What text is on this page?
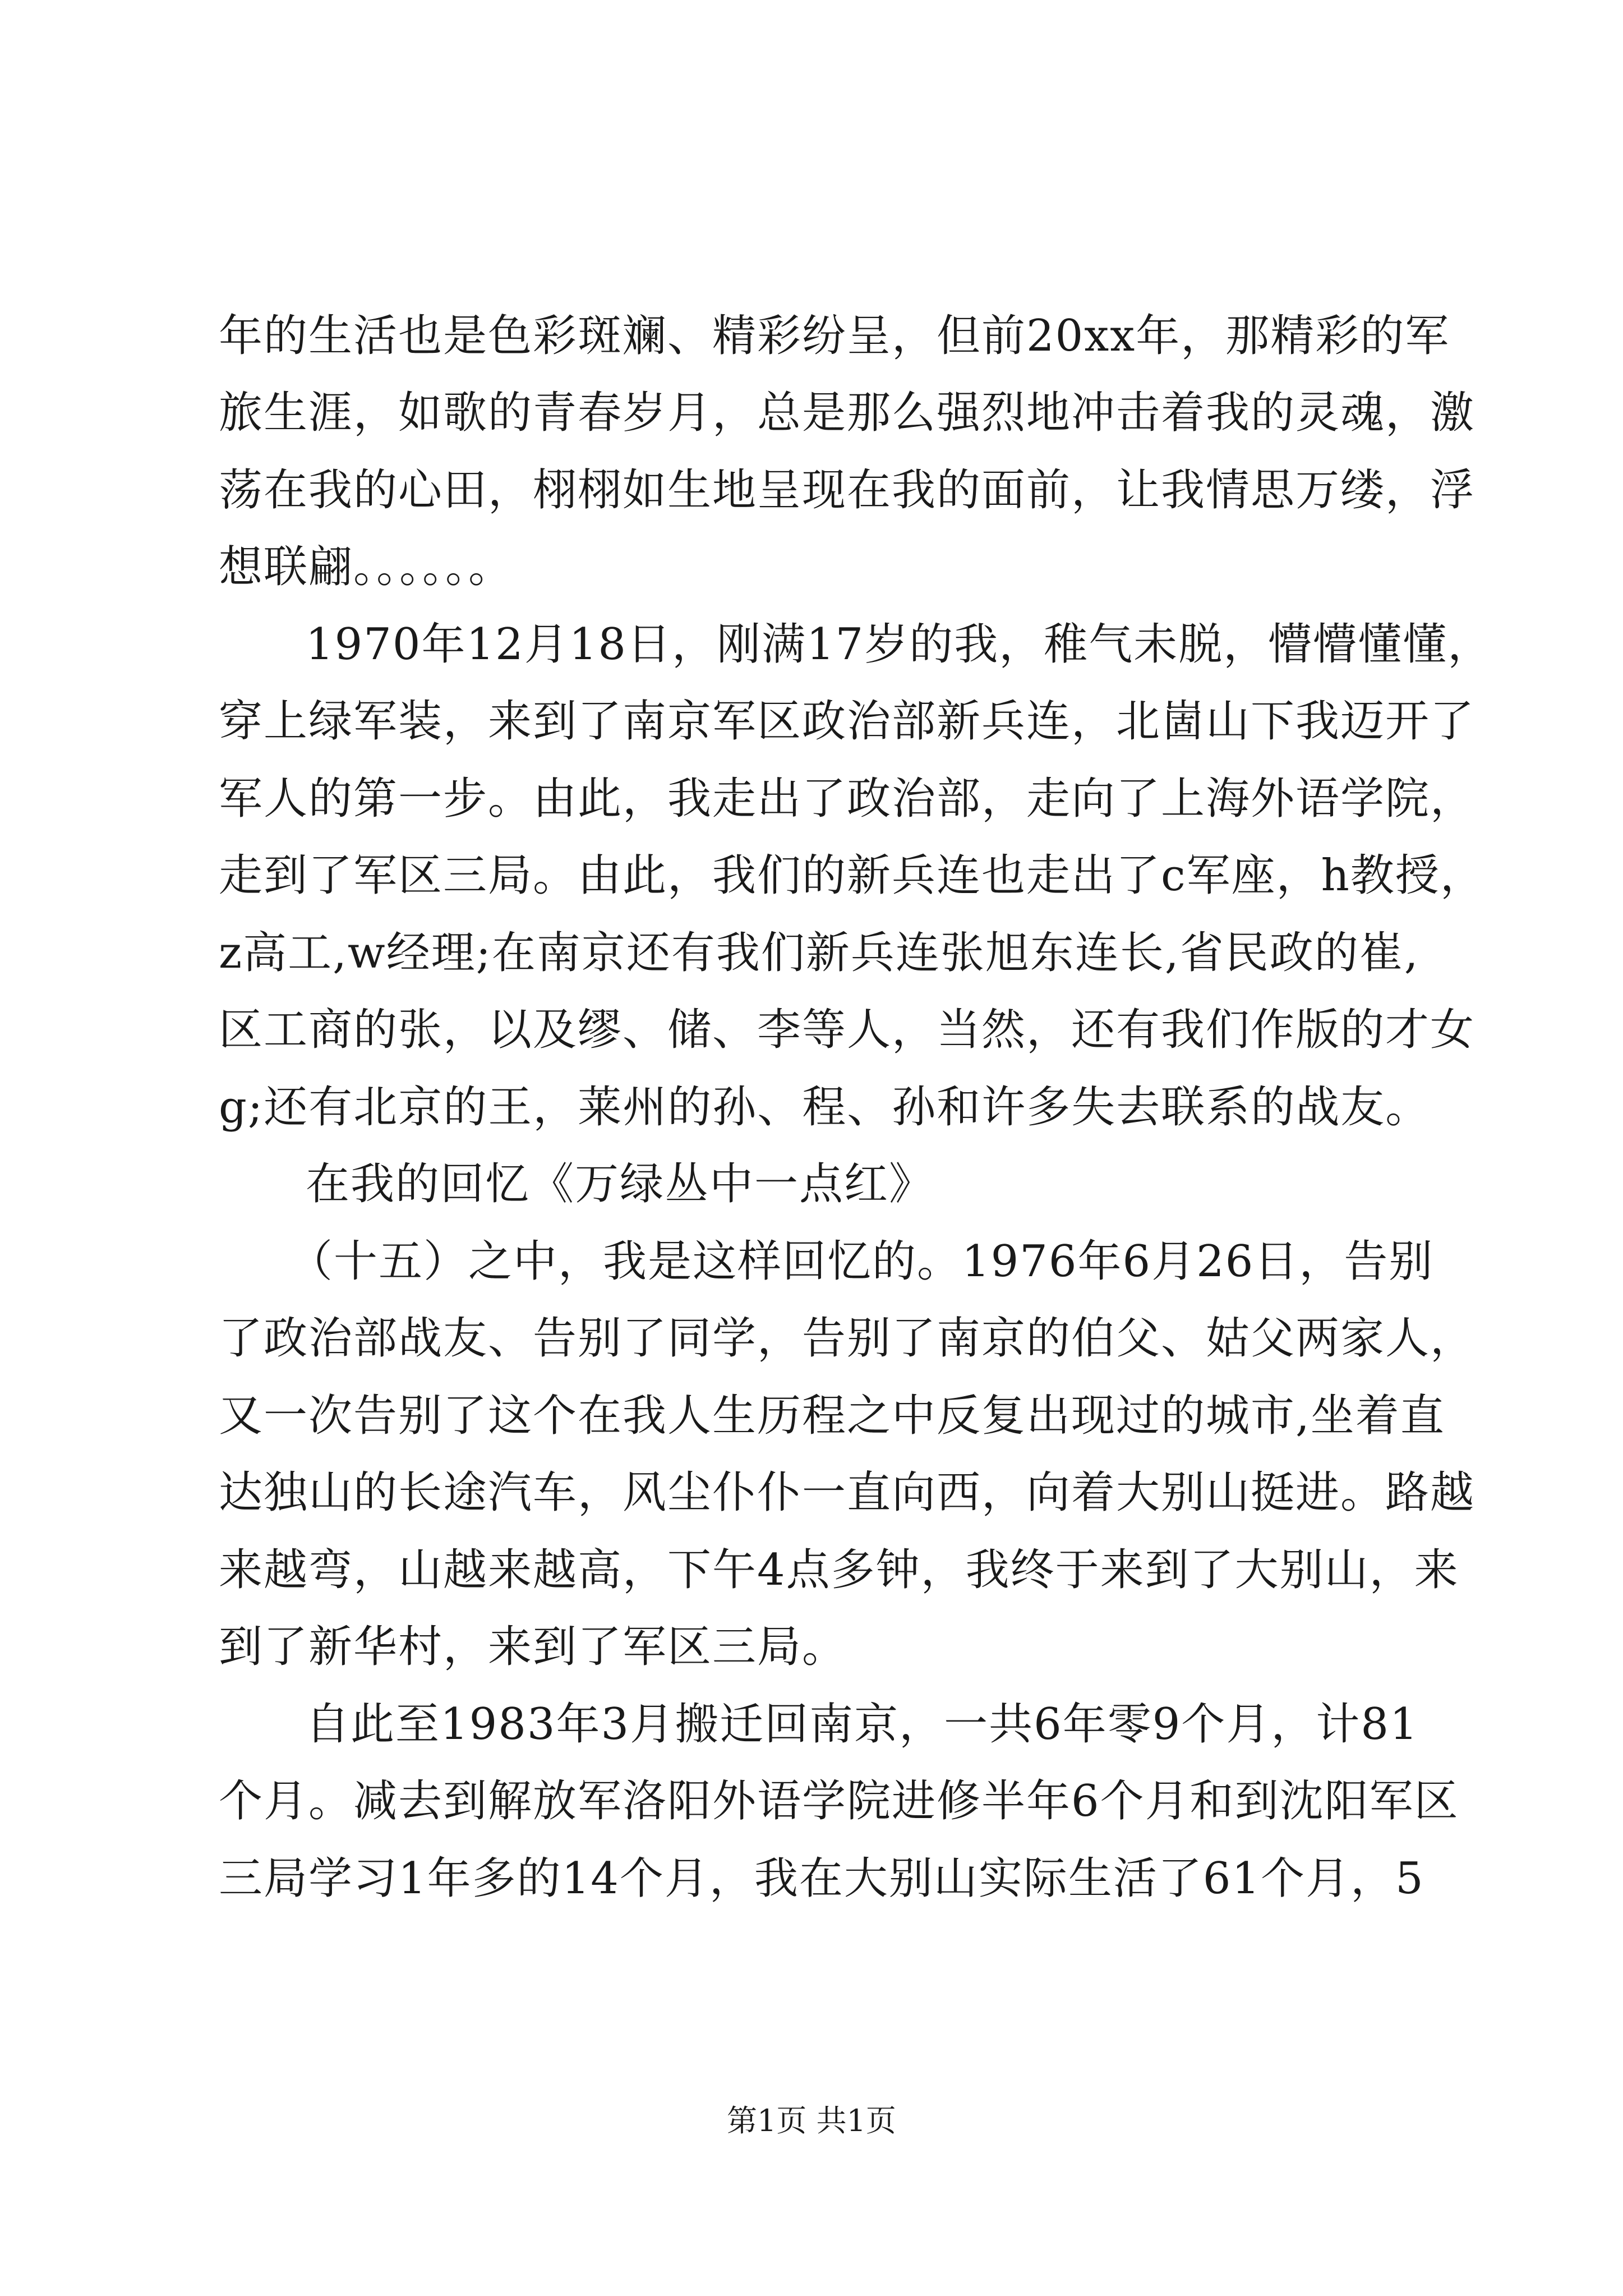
年的生活也是色彩斑斓、精彩纷呈，但前20xx年，那精彩的军
旅生涯，如歌的青春岁月，总是那么强烈地冲击着我的灵魂，激
荡在我的心田，栩栩如生地呈现在我的面前，让我情思万缕，浮
想联翩。。。。。。
1970年12月18日，刚满17岁的我，稚气未脱，懵懵懂懂，
穿上绿军装，来到了南京军区政治部新兵连，北崮山下我迈开了
军人的第一步。由此，我走出了政治部，走向了上海外语学院，
走到了军区三局。由此，我们的新兵连也走出了c军座，h教授，
z高工,w经理;在南京还有我们新兵连张旭东连长,省民政的崔,
区工商的张，以及缪、储、李等人，当然，还有我们作版的才女
g;还有北京的王，莱州的孙、程、孙和许多失去联系的战友。
在我的回忆《万绿丛中一点红》
（十五）之中，我是这样回忆的。1976年6月26日，告别
了政治部战友、告别了同学，告别了南京的伯父、姑父两家人，
又一次告别了这个在我人生历程之中反复出现过的城市,坐着直
达独山的长途汽车，风尘仆仆一直向西，向着大别山挺进。路越
来越弯，山越来越高，下午4点多钟，我终于来到了大别山，来
到了新华村，来到了军区三局。
自此至1983年3月搬迁回南京，一共6年零9个月，计81
个月。减去到解放军洛阳外语学院进修半年6个月和到沈阳军区
三局学习1年多的14个月，我在大别山实际生活了61个月，5
第1页 共1页
